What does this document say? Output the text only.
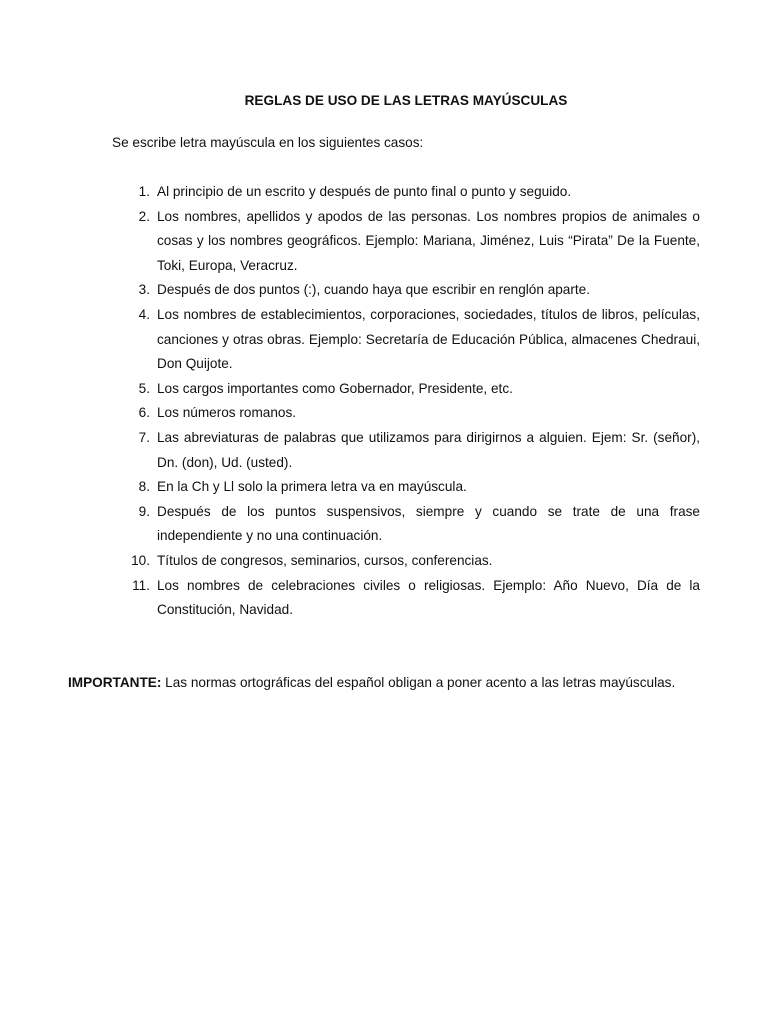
REGLAS DE USO DE LAS LETRAS MAYÚSCULAS
Se escribe letra mayúscula en los siguientes casos:
1. Al principio de un escrito y después de punto final o punto y seguido.
2. Los nombres, apellidos y apodos de las personas. Los nombres propios de animales o cosas y los nombres geográficos. Ejemplo: Mariana, Jiménez, Luis “Pirata” De la Fuente, Toki, Europa, Veracruz.
3. Después de dos puntos (:), cuando haya que escribir en renglón aparte.
4. Los nombres de establecimientos, corporaciones, sociedades, títulos de libros, películas, canciones y otras obras. Ejemplo: Secretaría de Educación Pública, almacenes Chedraui, Don Quijote.
5. Los cargos importantes como Gobernador, Presidente, etc.
6. Los números romanos.
7. Las abreviaturas de palabras que utilizamos para dirigirnos a alguien. Ejem: Sr. (señor), Dn. (don), Ud. (usted).
8. En la Ch y Ll solo la primera letra va en mayúscula.
9. Después de los puntos suspensivos, siempre y cuando se trate de una frase independiente y no una continuación.
10. Títulos de congresos, seminarios, cursos, conferencias.
11. Los nombres de celebraciones civiles o religiosas. Ejemplo: Año Nuevo, Día de la Constitución, Navidad.
IMPORTANTE: Las normas ortográficas del español obligan a poner acento a las letras mayúsculas.
